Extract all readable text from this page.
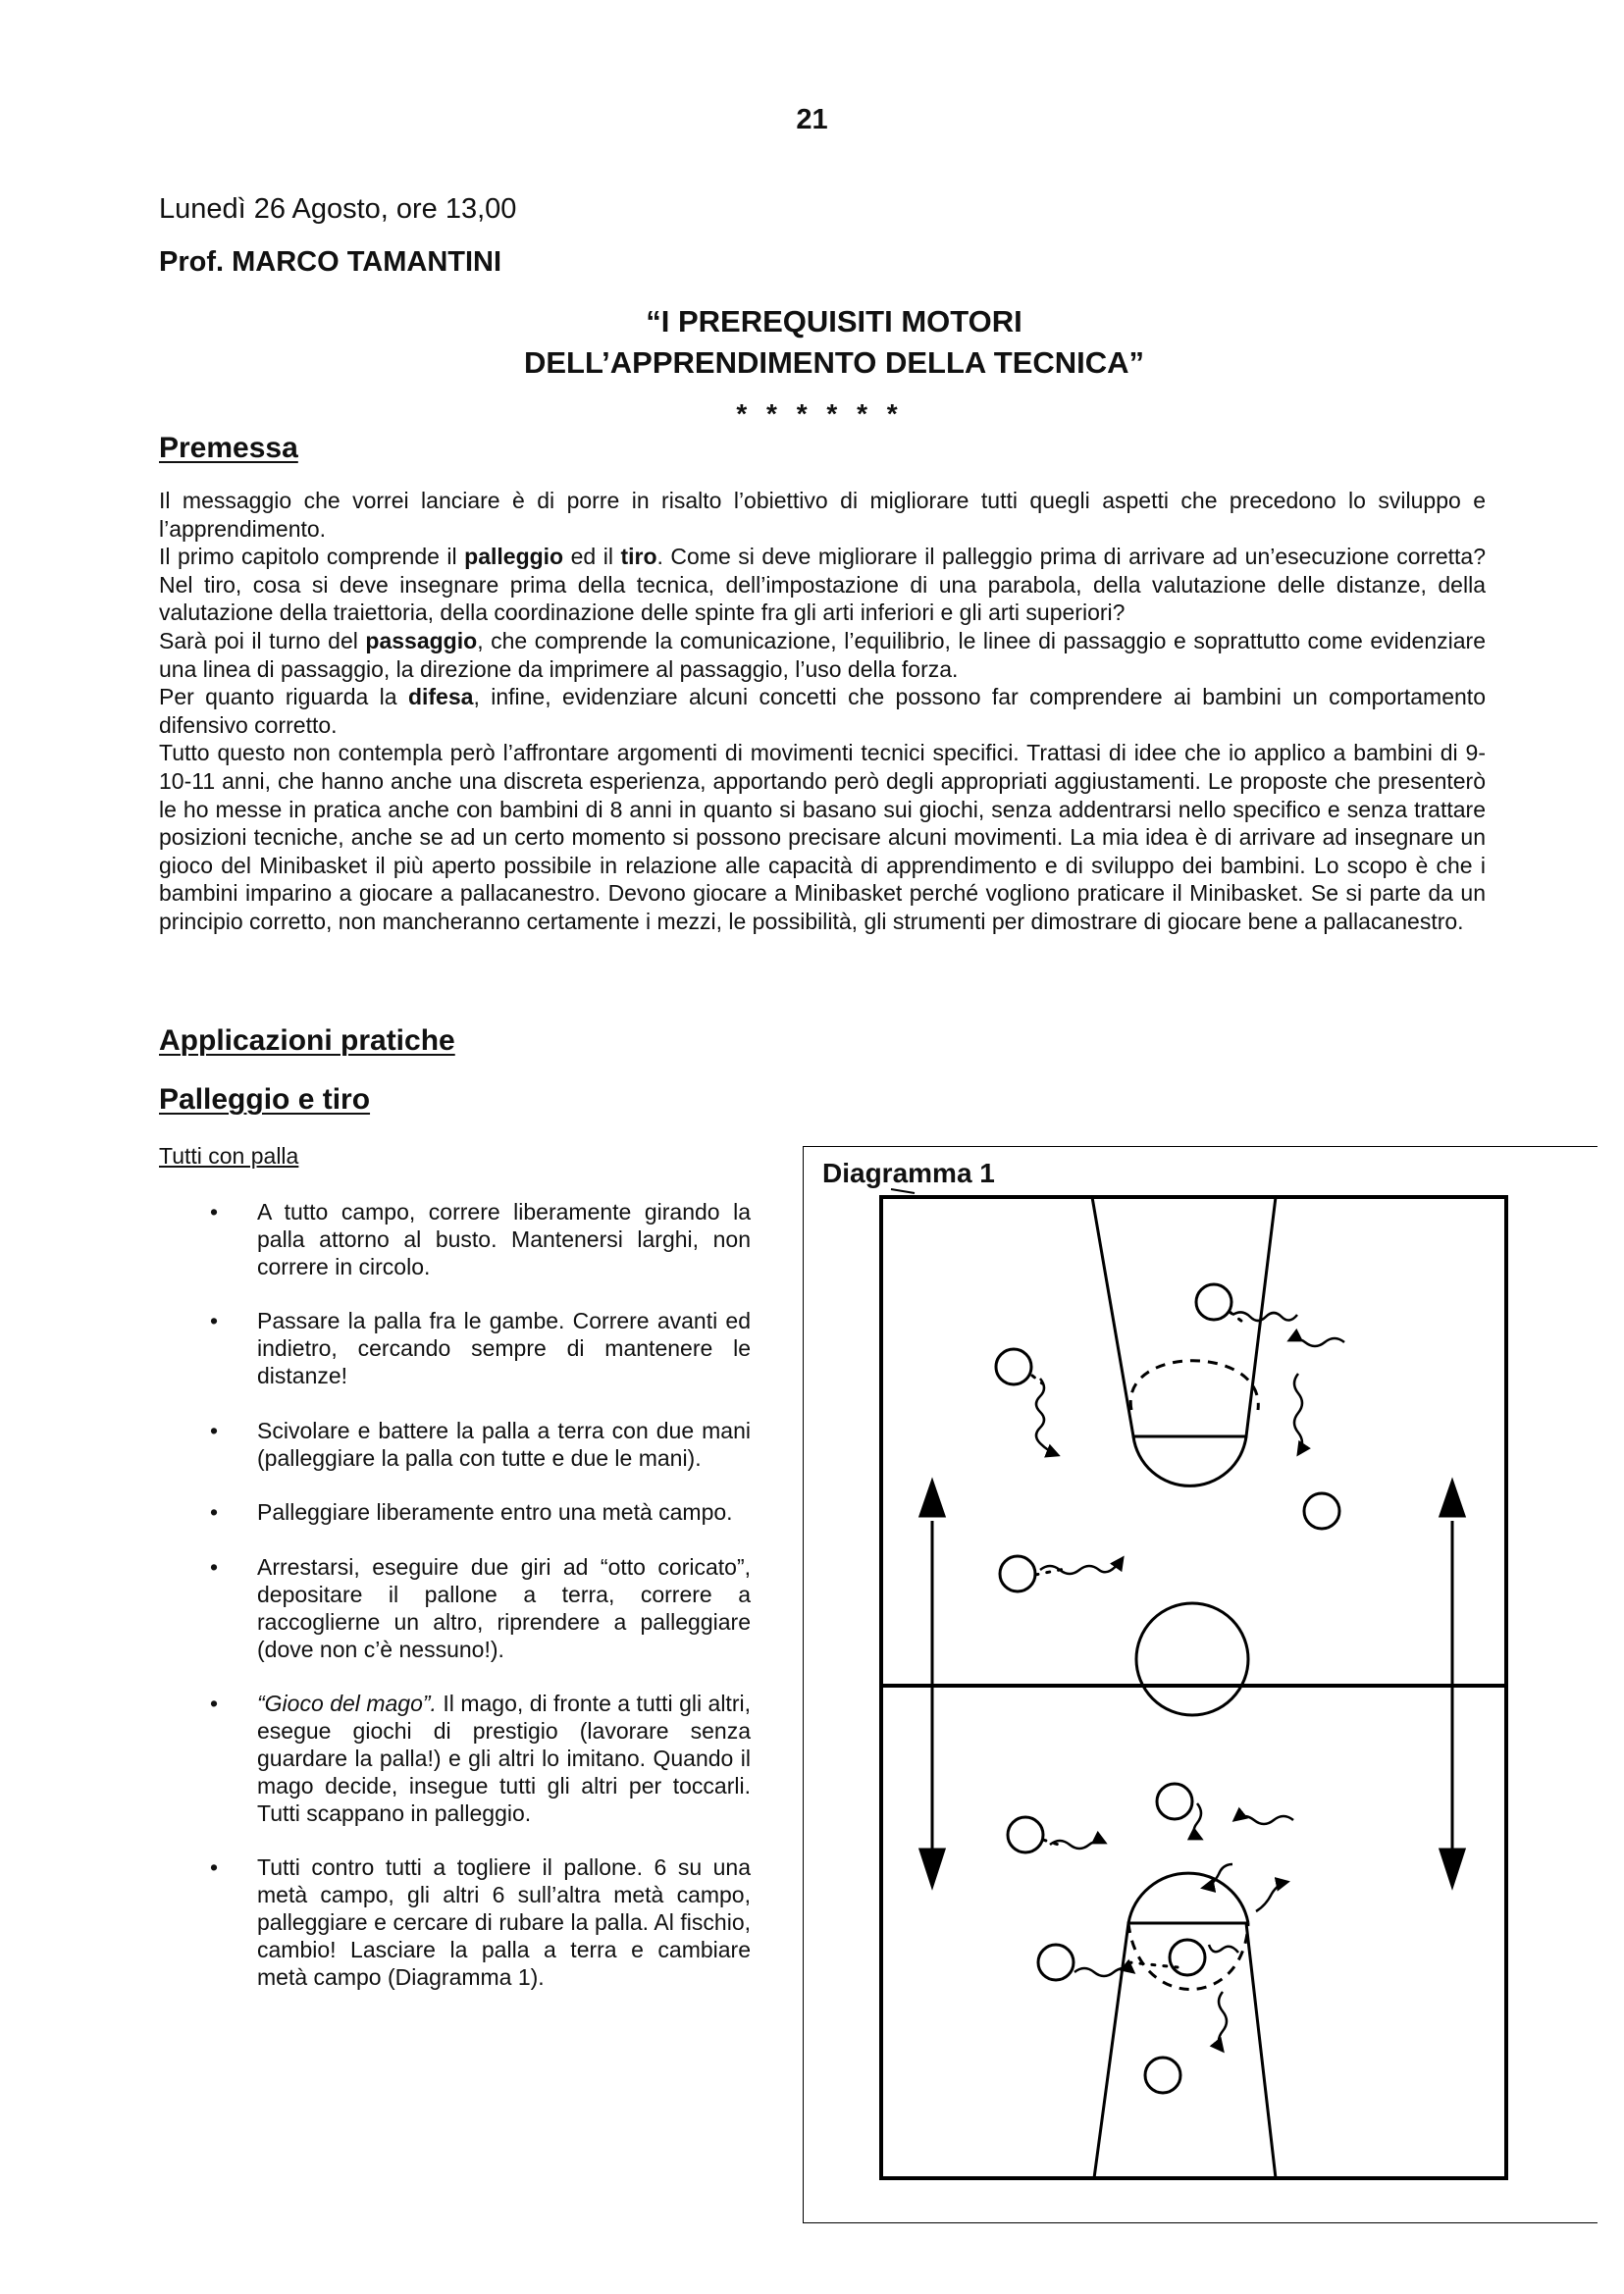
21
Lunedì 26 Agosto, ore 13,00
Prof. MARCO TAMANTINI
“I PREREQUISITI MOTORI
DELL’APPRENDIMENTO DELLA TECNICA”
* * * * * *
Premessa

Il messaggio che vorrei lanciare è di porre in risalto l’obiettivo di migliorare tutti quegli aspetti che precedono lo sviluppo e l’apprendimento.

Il primo capitolo comprende il palleggio ed il tiro. Come si deve migliorare il palleggio prima di arrivare ad un’esecuzione corretta? Nel tiro, cosa si deve insegnare prima della tecnica, dell’impostazione di una parabola, della valutazione delle distanze, della valutazione della traiettoria, della coordinazione delle spinte fra gli arti inferiori e gli arti superiori?

Sarà poi il turno del passaggio, che comprende la comunicazione, l’equilibrio, le linee di passaggio e soprattutto come evidenziare una linea di passaggio, la direzione da imprimere al passaggio, l’uso della forza.

Per quanto riguarda la difesa, infine, evidenziare alcuni concetti che possono far comprendere ai bambini un comportamento difensivo corretto.

Tutto questo non contempla però l’affrontare argomenti di movimenti tecnici specifici. Trattasi di idee che io applico a bambini di 9-10-11 anni, che hanno anche una discreta esperienza, apportando però degli appropriati aggiustamenti. Le proposte che presenterò le ho messe in pratica anche con bambini di 8 anni in quanto si basano sui giochi, senza addentrarsi nello specifico e senza trattare posizioni tecniche, anche se ad un certo momento si possono precisare alcuni movimenti. La mia idea è di arrivare ad insegnare un gioco del Minibasket il più aperto possibile in relazione alle capacità di apprendimento e di sviluppo dei bambini. Lo scopo è che i bambini imparino a giocare a pallacanestro. Devono giocare a Minibasket perché vogliono praticare il Minibasket. Se si parte da un principio corretto, non mancheranno certamente i mezzi, le possibilità, gli strumenti per dimostrare di giocare bene a pallacanestro.

Applicazioni pratiche
Palleggio e tiro
Tutti con palla
• A tutto campo, correre liberamente girando la palla attorno al busto. Mantenersi larghi, non correre in circolo.
• Passare la palla fra le gambe. Correre avanti ed indietro, cercando sempre di mantenere le distanze!
• Scivolare e battere la palla a terra con due mani (palleggiare la palla con tutte e due le mani).
• Palleggiare liberamente entro una metà campo.
• Arrestarsi, eseguire due giri ad “otto coricato”, depositare il pallone a terra, correre a raccoglierne un altro, riprendere a palleggiare (dove non c’è nessuno!).
• “Gioco del mago”. Il mago, di fronte a tutti gli altri, esegue giochi di prestigio (lavorare senza guardare la palla!) e gli altri lo imitano. Quando il mago decide, insegue tutti gli altri per toccarli. Tutti scappano in palleggio.
• Tutti contro tutti a togliere il pallone. 6 su una metà campo, gli altri 6 sull’altra metà campo, palleggiare e cercare di rubare la palla. Al fischio, cambio! Lasciare la palla a terra e cambiare metà campo (Diagramma 1).
Diagramma 1
